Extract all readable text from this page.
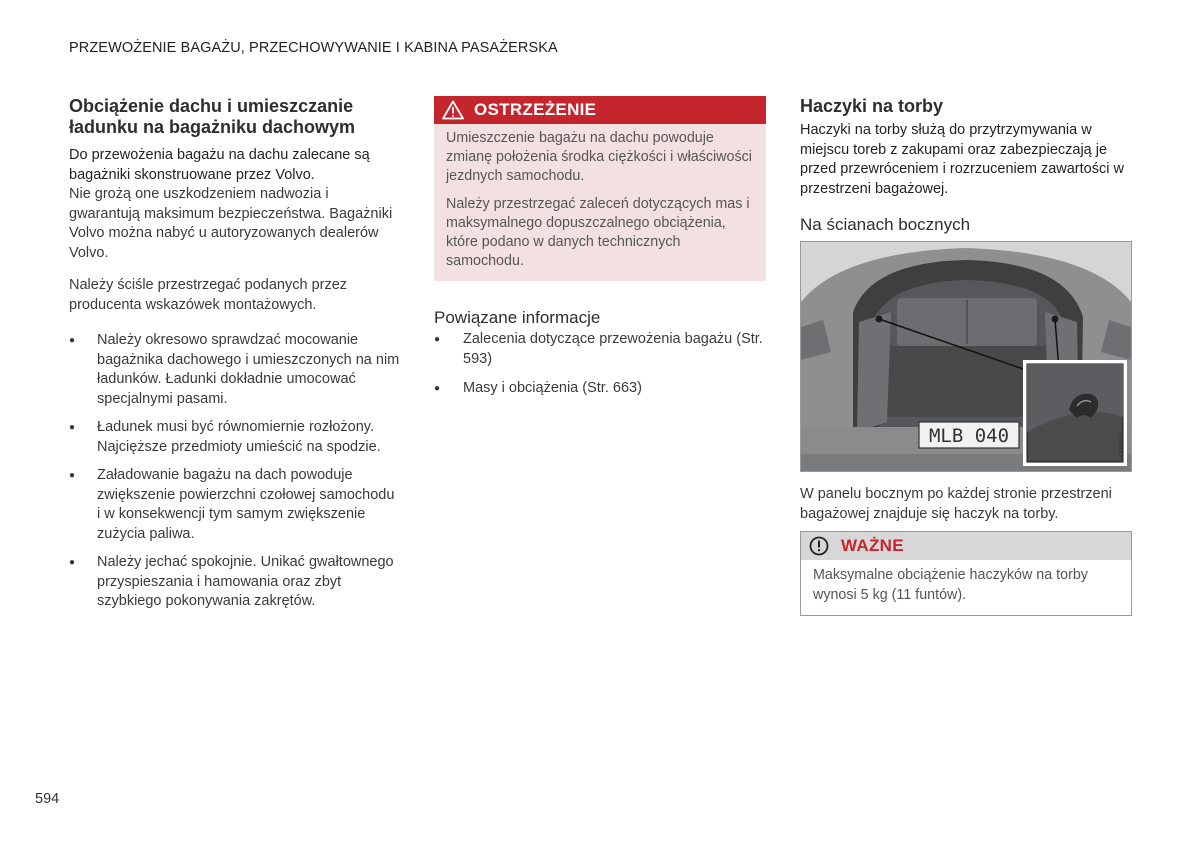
PRZEWOŻENIE BAGAŻU, PRZECHOWYWANIE I KABINA PASAŻERSKA
Obciążenie dachu i umieszczanie ładunku na bagażniku dachowym

Do przewożenia bagażu na dachu zalecane są bagażniki skonstruowane przez Volvo.

Nie grożą one uszkodzeniem nadwozia i gwarantują maksimum bezpieczeństwa. Bagażniki Volvo można nabyć u autoryzowanych dealerów Volvo.

Należy ściśle przestrzegać podanych przez producenta wskazówek montażowych.

● Należy okresowo sprawdzać mocowanie bagażnika dachowego i umieszczonych na nim ładunków. Ładunki dokładnie umocować specjalnymi pasami.
● Ładunek musi być równomiernie rozłożony. Najcięższe przedmioty umieścić na spodzie.
● Załadowanie bagażu na dach powoduje zwiększenie powierzchni czołowej samochodu i w konsekwencji tym samym zwiększenie zużycia paliwa.
● Należy jechać spokojnie. Unikać gwałtownego przyspieszania i hamowania oraz zbyt szybkiego pokonywania zakrętów.
OSTRZEŻENIE

Umieszczenie bagażu na dachu powoduje zmianę położenia środka ciężkości i właściwości jezdnych samochodu.

Należy przestrzegać zaleceń dotyczących mas i maksymalnego dopuszczalnego obciążenia, które podano w danych technicznych samochodu.

Powiązane informacje
● Zalecenia dotyczące przewożenia bagażu (Str. 593)
● Masy i obciążenia (Str. 663)
Haczyki na torby

Haczyki na torby służą do przytrzymywania w miejscu toreb z zakupami oraz zabezpieczają je przed przewróceniem i rozrzuceniem zawartości w przestrzeni bagażowej.

Na ścianach bocznych
MLB 040	G063678

W panelu bocznym po każdej stronie przestrzeni bagażowej znajduje się haczyk na torby.

WAŻNE

Maksymalne obciążenie haczyków na torby wynosi 5 kg (11 funtów).

594
